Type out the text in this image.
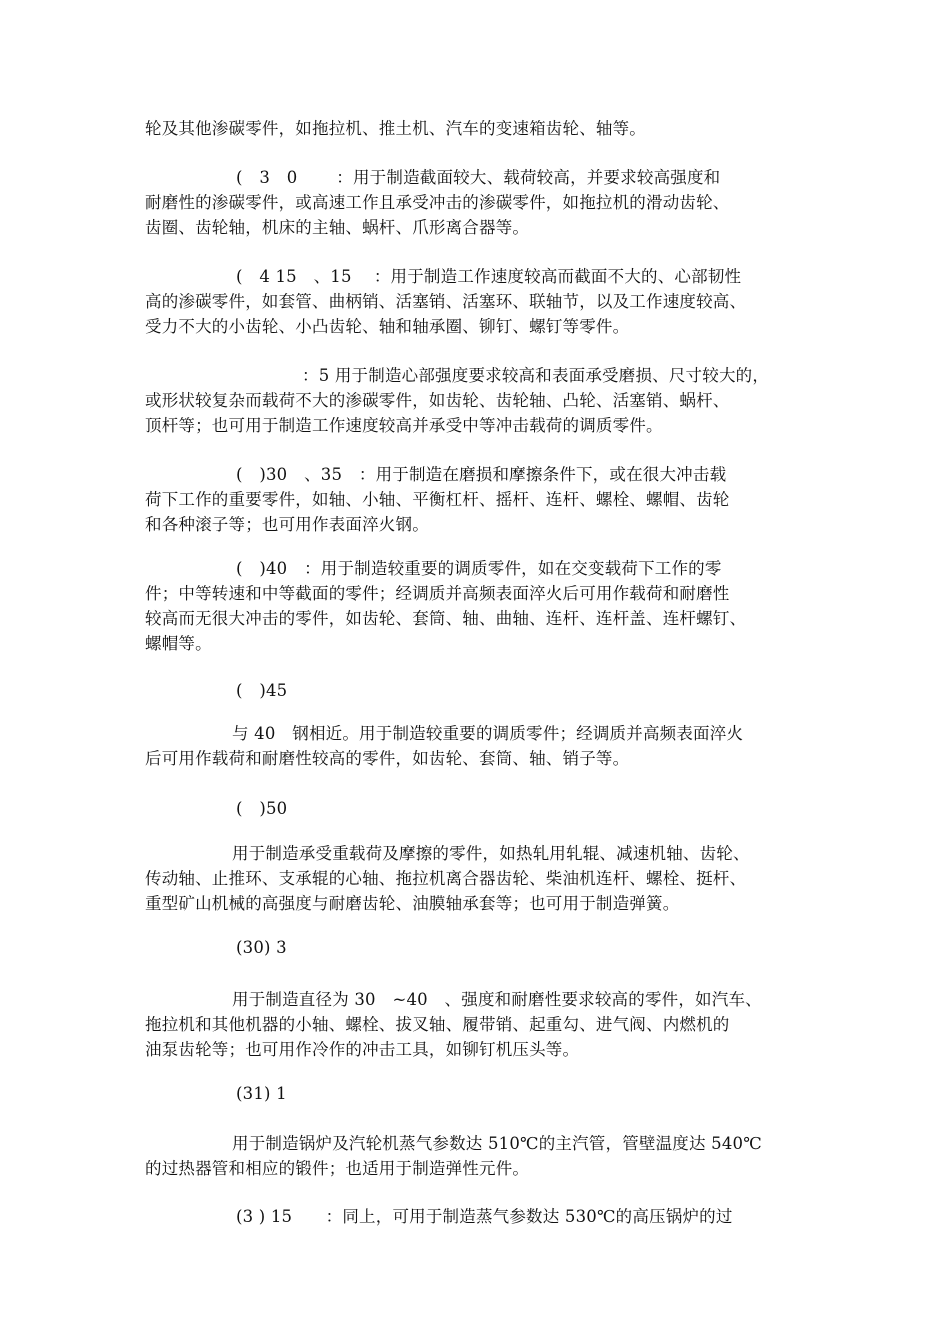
轮及其他渗碳零件，如拖拉机、推土机、汽车的变速箱齿轮、轴等。
(　3　0　　 ：用于制造截面较大、载荷较高，并要求较高强度和
耐磨性的渗碳零件，或高速工作且承受冲击的渗碳零件，如拖拉机的滑动齿轮、
齿圈、齿轮轴，机床的主轴、蜗杆、爪形离合器等。
(　4 15　、15　 ：用于制造工作速度较高而截面不大的、心部韧性
高的渗碳零件，如套管、曲柄销、活塞销、活塞环、联轴节，以及工作速度较高、
受力不大的小齿轮、小凸齿轮、轴和轴承圈、铆钉、螺钉等零件。
：5 用于制造心部强度要求较高和表面承受磨损、尺寸较大的，
或形状较复杂而载荷不大的渗碳零件，如齿轮、齿轮轴、凸轮、活塞销、蜗杆、
顶杆等；也可用于制造工作速度较高并承受中等冲击载荷的调质零件。
(　)30　、35　：用于制造在磨损和摩擦条件下，或在很大冲击载
荷下工作的重要零件，如轴、小轴、平衡杠杆、摇杆、连杆、螺栓、螺帽、齿轮
和各种滚子等；也可用作表面淬火钢。
(　)40　：用于制造较重要的调质零件，如在交变载荷下工作的零
件；中等转速和中等截面的零件；经调质并高频表面淬火后可用作载荷和耐磨性
较高而无很大冲击的零件，如齿轮、套筒、轴、曲轴、连杆、连杆盖、连杆螺钉、
螺帽等。
(　)45
与 40　钢相近。用于制造较重要的调质零件；经调质并高频表面淬火
后可用作载荷和耐磨性较高的零件，如齿轮、套筒、轴、销子等。
(　)50
用于制造承受重载荷及摩擦的零件，如热轧用轧辊、减速机轴、齿轮、
传动轴、止推环、支承辊的心轴、拖拉机离合器齿轮、柴油机连杆、螺栓、挺杆、
重型矿山机械的高强度与耐磨齿轮、油膜轴承套等；也可用于制造弹簧。
(30) 3
用于制造直径为 30　~40　、强度和耐磨性要求较高的零件，如汽车、
拖拉机和其他机器的小轴、螺栓、拔叉轴、履带销、起重勾、进气阀、内燃机的
油泵齿轮等；也可用作冷作的冲击工具，如铆钉机压头等。
(31) 1
用于制造锅炉及汽轮机蒸气参数达 510℃的主汽管，管壁温度达 540℃
的过热器管和相应的锻件；也适用于制造弹性元件。
(3 ) 15　　：同上，可用于制造蒸气参数达 530℃的高压锅炉的过
